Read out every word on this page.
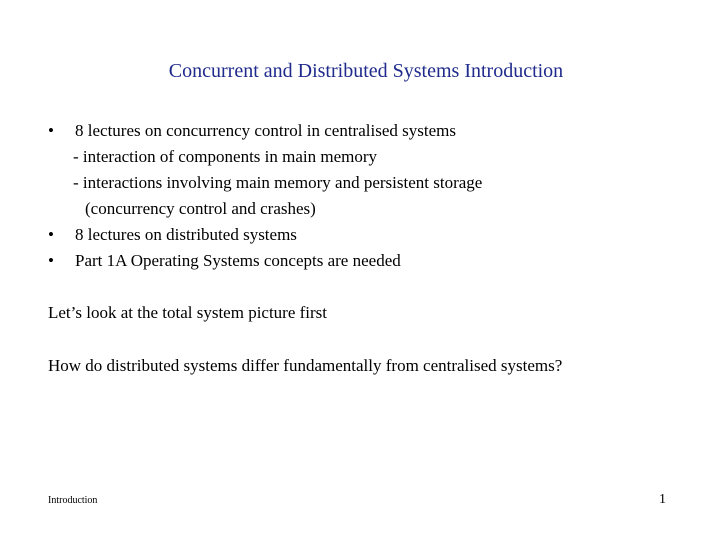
Concurrent and Distributed Systems Introduction
• 8 lectures on concurrency control in centralised systems
- interaction of components in main memory
- interactions involving main memory and persistent storage
(concurrency control and crashes)
• 8 lectures on distributed systems
• Part 1A Operating Systems concepts are needed
Let’s look at the total system picture first
How do distributed systems differ fundamentally from centralised systems?
Introduction	1
